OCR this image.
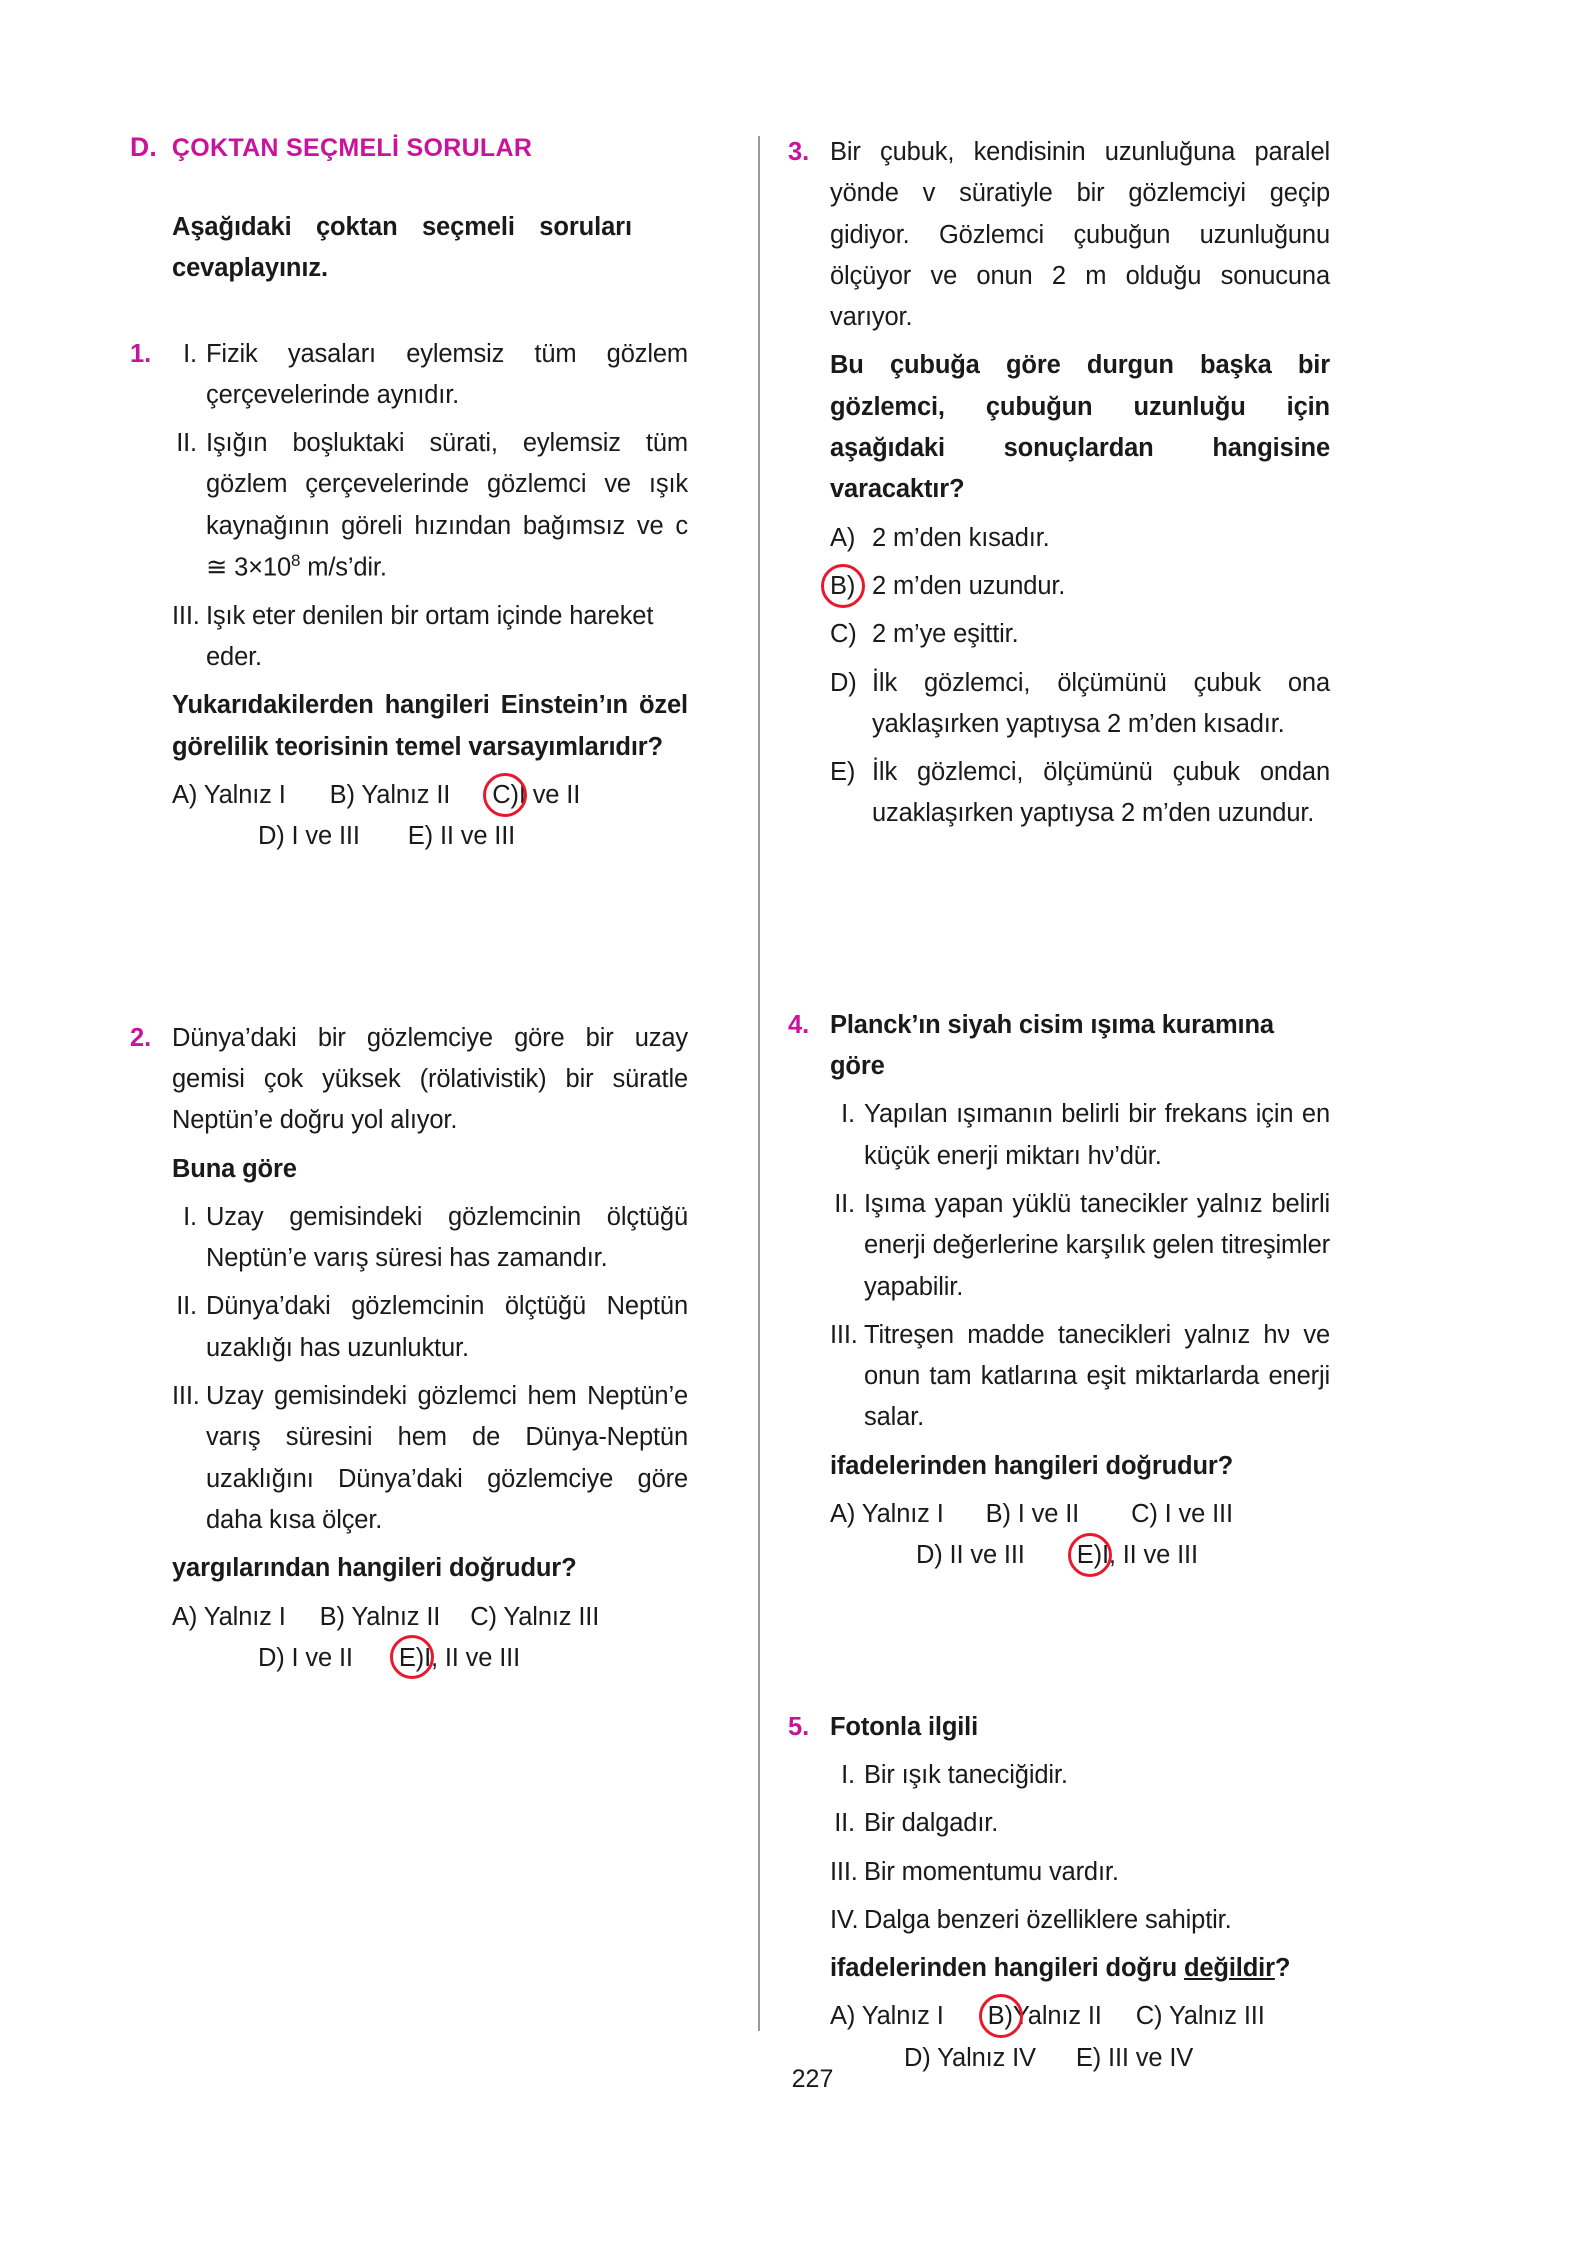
D. ÇOKTAN SEÇMELİ SORULAR
Aşağıdaki çoktan seçmeli soruları cevaplayınız.
1.	I. Fizik yasaları eylemsiz tüm gözlem çerçevelerinde aynıdır.
II. Işığın boşluktaki sürati, eylemsiz tüm gözlem çerçevelerinde gözlemci ve ışık kaynağının göreli hızından bağımsız ve c ≅ $3\times 10^8$ m/s’dir.
III. Işık eter denilen bir ortam içinde hareket eder.
Yukarıdakilerden hangileri Einstein’ın özel görelilik teorisinin temel varsayımlarıdır?
A) Yalnız I B) Yalnız II C)I ve II
D) I ve III E) II ve III
2. Dünya’daki bir gözlemciye göre bir uzay gemisi çok yüksek (rölativistik) bir süratle Neptün’e doğru yol alıyor.
Buna göre
I. Uzay gemisindeki gözlemcinin ölçtüğü Neptün’e varış süresi has zamandır.
II. Dünya’daki gözlemcinin ölçtüğü Neptün uzaklığı has uzunluktur.
III. Uzay gemisindeki gözlemci hem Neptün’e varış süresini hem de Dünya-Neptün uzaklığını Dünya’daki gözlemciye göre daha kısa ölçer.
yargılarından hangileri doğrudur?
A) Yalnız I B) Yalnız II C) Yalnız III
D) I ve II E)I, II ve III
3. Bir çubuk, kendisinin uzunluğuna paralel yönde v süratiyle bir gözlemciyi geçip gidiyor. Gözlemci çubuğun uzunluğunu ölçüyor ve onun 2 m olduğu sonucuna varıyor.
Bu çubuğa göre durgun başka bir gözlemci, çubuğun uzunluğu için aşağıdaki sonuçlardan hangisine varacaktır?
A) 2 m’den kısadır.
B) 2 m’den uzundur.
C) 2 m’ye eşittir.
D) İlk gözlemci, ölçümünü çubuk ona yaklaşırken yaptıysa 2 m’den kısadır.
E) İlk gözlemci, ölçümünü çubuk ondan uzaklaşırken yaptıysa 2 m’den uzundur.
4. Planck’ın siyah cisim ışıma kuramına göre
I. Yapılan ışımanın belirli bir frekans için en küçük enerji miktarı hν’dür.
II. Işıma yapan yüklü tanecikler yalnız belirli enerji değerlerine karşılık gelen titreşimler yapabilir.
III. Titreşen madde tanecikleri yalnız hν ve onun tam katlarına eşit miktarlarda enerji salar.
ifadelerinden hangileri doğrudur?
A) Yalnız I B) I ve II C) I ve III
D) II ve III E)I, II ve III
5. Fotonla ilgili
I. Bir ışık taneciğidir.
II. Bir dalgadır.
III. Bir momentumu vardır.
IV. Dalga benzeri özelliklere sahiptir.
ifadelerinden hangileri doğru değildir?
A) Yalnız I B)Yalnız II C) Yalnız III
D) Yalnız IV E) III ve IV
227
